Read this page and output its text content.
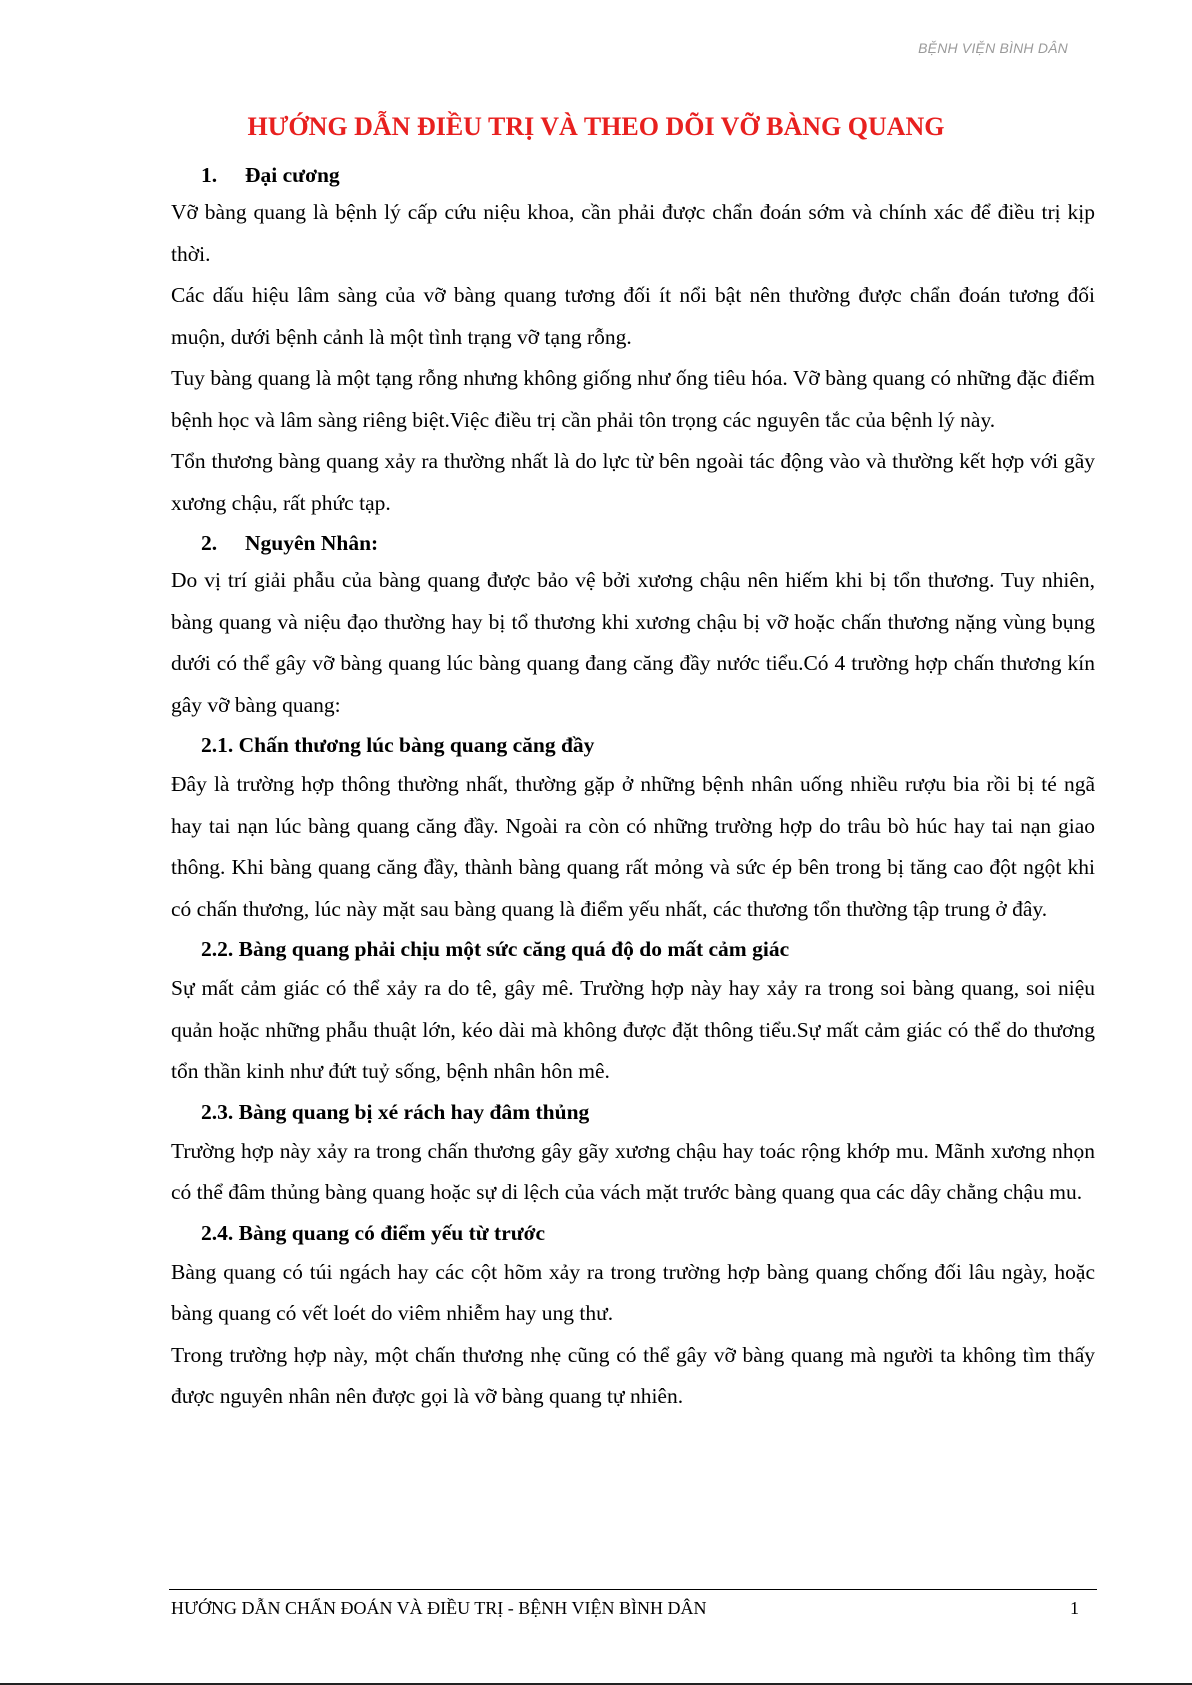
BỆNH VIỆN BÌNH DÂN
HƯỚNG DẪN ĐIỀU TRỊ VÀ THEO DÕI VỠ BÀNG QUANG
1.	Đại cương

Vỡ bàng quang là bệnh lý cấp cứu niệu khoa, cần phải được chẩn đoán sớm và chính xác để điều trị kịp thời.

Các dấu hiệu lâm sàng của vỡ bàng quang tương đối ít nổi bật nên thường được chẩn đoán tương đối muộn, dưới bệnh cảnh là một tình trạng vỡ tạng rỗng.

Tuy bàng quang là một tạng rỗng nhưng không giống như ống tiêu hóa. Vỡ bàng quang có những đặc điểm bệnh học và lâm sàng riêng biệt.Việc điều trị cần phải tôn trọng các nguyên tắc của bệnh lý này.

Tổn thương bàng quang xảy ra thường nhất là do lực từ bên ngoài tác động vào và thường kết hợp với gãy xương chậu, rất phức tạp.

2.	Nguyên Nhân:

Do vị trí giải phẫu của bàng quang được bảo vệ bởi xương chậu nên hiếm khi bị tổn thương. Tuy nhiên, bàng quang và niệu đạo thường hay bị tổ thương khi xương chậu bị vỡ hoặc chấn thương nặng vùng bụng dưới có thể gây vỡ bàng quang lúc bàng quang đang căng đầy nước tiểu.Có 4 trường hợp chấn thương kín gây vỡ bàng quang:

2.1. Chấn thương lúc bàng quang căng đầy

Đây là trường hợp thông thường nhất, thường gặp ở những bệnh nhân uống nhiều rượu bia rồi bị té ngã hay tai nạn lúc bàng quang căng đầy. Ngoài ra còn có những trường hợp do trâu bò húc hay tai nạn giao thông. Khi bàng quang căng đầy, thành bàng quang rất mỏng và sức ép bên trong bị tăng cao đột ngột khi có chấn thương, lúc này mặt sau bàng quang là điểm yếu nhất, các thương tổn thường tập trung ở đây.

2.2. Bàng quang phải chịu một sức căng quá độ do mất cảm giác

Sự mất cảm giác có thể xảy ra do tê, gây mê. Trường hợp này hay xảy ra trong soi bàng quang, soi niệu quản hoặc những phẫu thuật lớn, kéo dài mà không được đặt thông tiểu.Sự mất cảm giác có thể do thương tổn thần kinh như đứt tuỷ sống, bệnh nhân hôn mê.

2.3. Bàng quang bị xé rách hay đâm thủng

Trường hợp này xảy ra trong chấn thương gây gãy xương chậu hay toác rộng khớp mu. Mãnh xương nhọn có thể đâm thủng bàng quang hoặc sự di lệch của vách mặt trước bàng quang qua các dây chằng chậu mu.

2.4. Bàng quang có điểm yếu từ trước

Bàng quang có túi ngách hay các cột hõm xảy ra trong trường hợp bàng quang chống đối lâu ngày, hoặc bàng quang có vết loét do viêm nhiễm hay ung thư.

Trong trường hợp này, một chấn thương nhẹ cũng có thể gây vỡ bàng quang mà người ta không tìm thấy được nguyên nhân nên được gọi là vỡ bàng quang tự nhiên.

HƯỚNG DẪN CHẨN ĐOÁN VÀ ĐIỀU TRỊ - BỆNH VIỆN BÌNH DÂN	1
